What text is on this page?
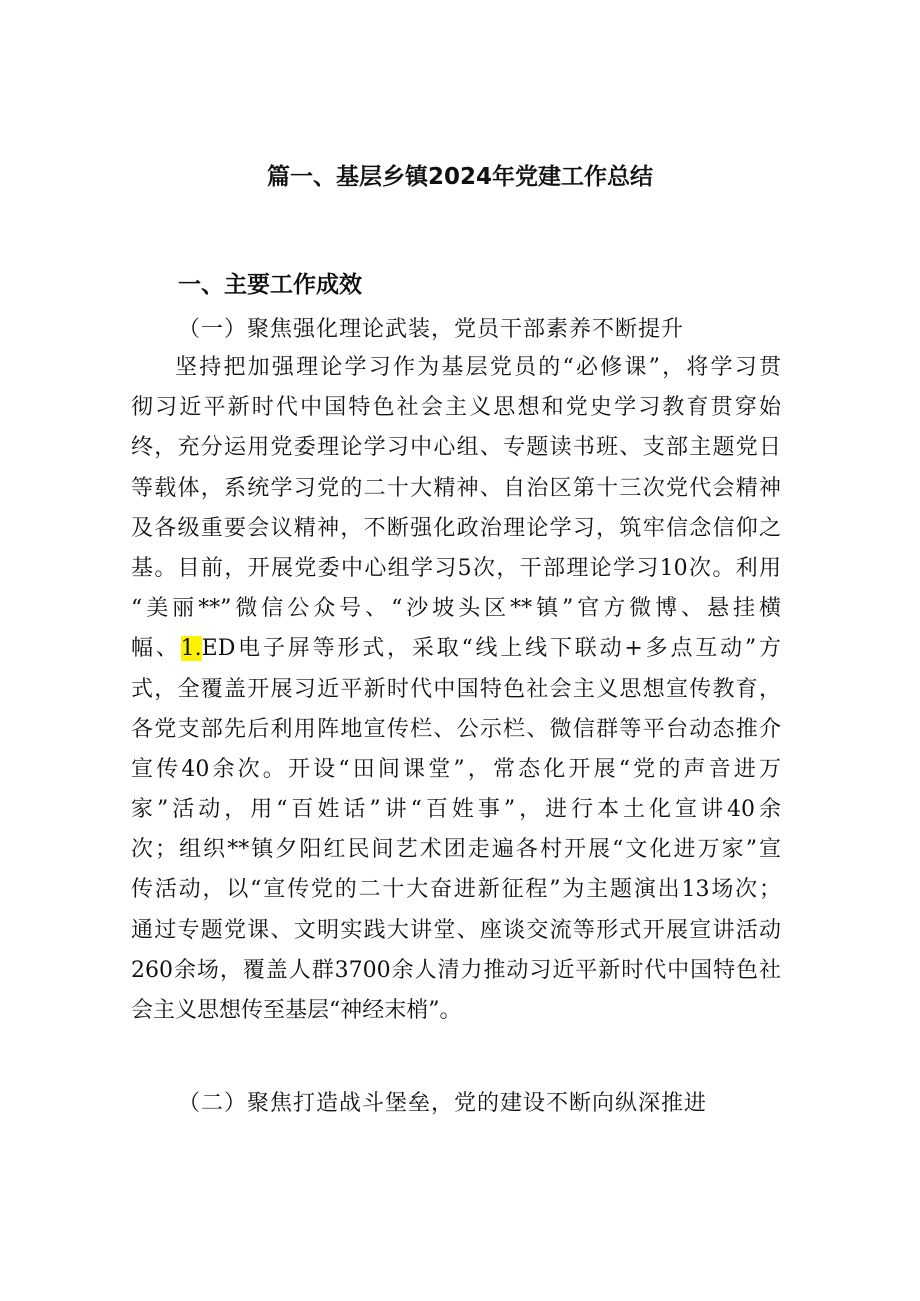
篇一、基层乡镇2024年党建工作总结
一、主要工作成效
（一）聚焦强化理论武装，党员干部素养不断提升
坚持把加强理论学习作为基层党员的“必修课”，将学习贯
彻习近平新时代中国特色社会主义思想和党史学习教育贯穿始
终，充分运用党委理论学习中心组、专题读书班、支部主题党日
等载体，系统学习党的二十大精神、自治区第十三次党代会精神
及各级重要会议精神，不断强化政治理论学习，筑牢信念信仰之
基。目前，开展党委中心组学习5次，干部理论学习10次。利用
“美丽**”微信公众号、“沙坡头区**镇”官方微博、悬挂横
幅、1.ED电子屏等形式，采取“线上线下联动+多点互动”方
式，全覆盖开展习近平新时代中国特色社会主义思想宣传教育，
各党支部先后利用阵地宣传栏、公示栏、微信群等平台动态推介
宣传40余次。开设“田间课堂”，常态化开展“党的声音进万
家”活动，用“百姓话”讲“百姓事”，进行本土化宣讲40余
次；组织**镇夕阳红民间艺术团走遍各村开展“文化进万家”宣
传活动，以“宣传党的二十大奋进新征程”为主题演出13场次；
通过专题党课、文明实践大讲堂、座谈交流等形式开展宣讲活动
260余场，覆盖人群3700余人清力推动习近平新时代中国特色社
会主义思想传至基层“神经末梢”。
（二）聚焦打造战斗堡垒，党的建设不断向纵深推进
